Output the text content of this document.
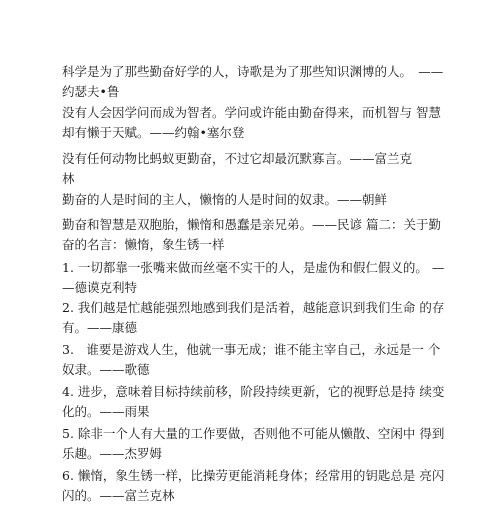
科学是为了那些勤奋好学的人，诗歌是为了那些知识渊博的人。　——
约瑟夫•鲁

没有人会因学问而成为智者。学问或许能由勤奋得来，而机智与 智慧
却有懒于天赋。——约翰•塞尔登

没有任何动物比蚂蚁更勤奋，不过它却最沉默寡言。——富兰克
林

勤奋的人是时间的主人，懒惰的人是时间的奴隶。——朝鲜

勤奋和智慧是双胞胎，懒惰和愚蠢是亲兄弟。——民谚 篇二：关于勤
奋的名言：懒惰，象生锈一样

1. 一切都靠一张嘴来做而丝毫不实干的人，是虚伪和假仁假义的。 —
—德谟克利特

2. 我们越是忙越能强烈地感到我们是活着，越能意识到我们生命 的存
有。——康德

3.　谁要是游戏人生，他就一事无成；谁不能主宰自己，永远是一 个
奴隶。——歌德

4. 进步，意味着目标持续前移，阶段持续更新，它的视野总是持 续变
化的。——雨果

5. 除非一个人有大量的工作要做，否则他不可能从懒散、空闲中 得到
乐趣。——杰罗姆

6. 懒惰，象生锈一样，比操劳更能消耗身体；经常用的钥匙总是 亮闪
闪的。——富兰克林
